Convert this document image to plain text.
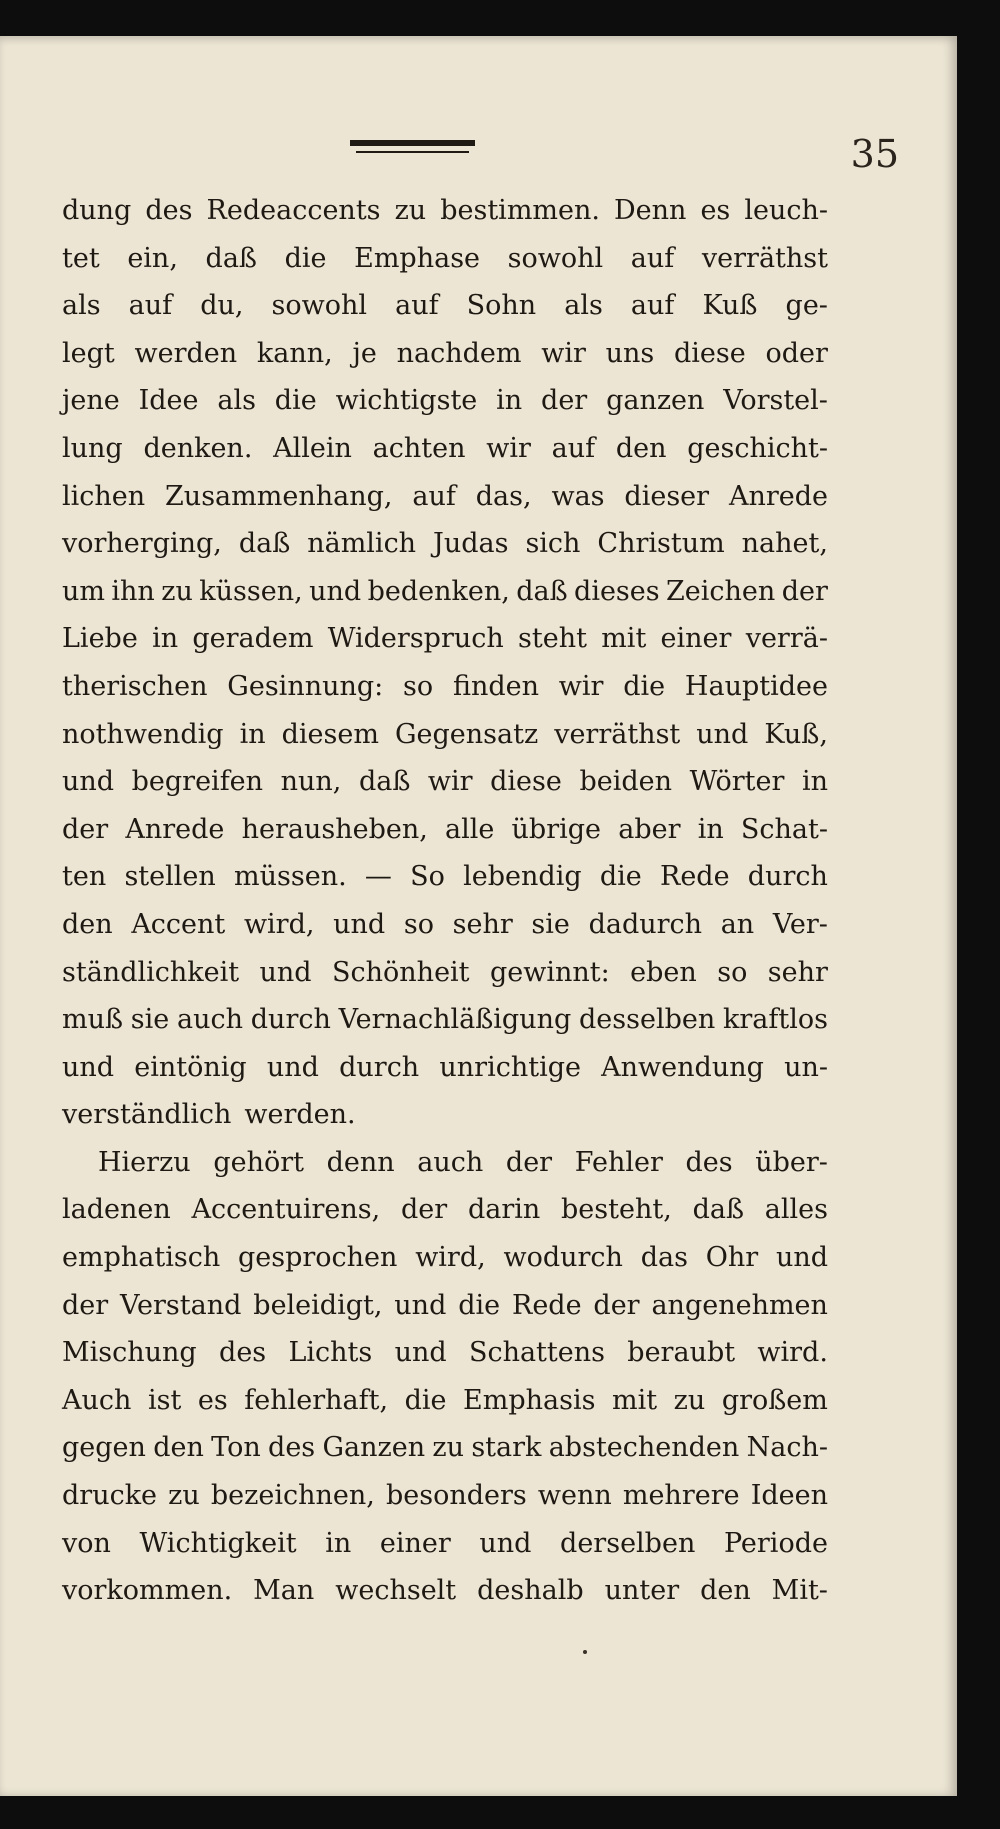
35
dung des Redeaccents zu bestimmen. Denn es leuch-
tet ein, daß die Emphase sowohl auf verräthst
als auf du, sowohl auf Sohn als auf Kuß ge-
legt werden kann, je nachdem wir uns diese oder
jene Idee als die wichtigste in der ganzen Vorstel-
lung denken. Allein achten wir auf den geschicht-
lichen Zusammenhang, auf das, was dieser Anrede
vorherging, daß nämlich Judas sich Christum nahet,
um ihn zu küssen, und bedenken, daß dieses Zeichen der
Liebe in geradem Widerspruch steht mit einer verrä-
therischen Gesinnung: so finden wir die Hauptidee
nothwendig in diesem Gegensatz verräthst und Kuß,
und begreifen nun, daß wir diese beiden Wörter in
der Anrede herausheben, alle übrige aber in Schat-
ten stellen müssen. — So lebendig die Rede durch
den Accent wird, und so sehr sie dadurch an Ver-
ständlichkeit und Schönheit gewinnt: eben so sehr
muß sie auch durch Vernachläßigung desselben kraftlos
und eintönig und durch unrichtige Anwendung un-
verständlich werden.
Hierzu gehört denn auch der Fehler des über-
ladenen Accentuirens, der darin besteht, daß alles
emphatisch gesprochen wird, wodurch das Ohr und
der Verstand beleidigt, und die Rede der angenehmen
Mischung des Lichts und Schattens beraubt wird.
Auch ist es fehlerhaft, die Emphasis mit zu großem
gegen den Ton des Ganzen zu stark abstechenden Nach-
drucke zu bezeichnen, besonders wenn mehrere Ideen
von Wichtigkeit in einer und derselben Periode
vorkommen. Man wechselt deshalb unter den Mit-
